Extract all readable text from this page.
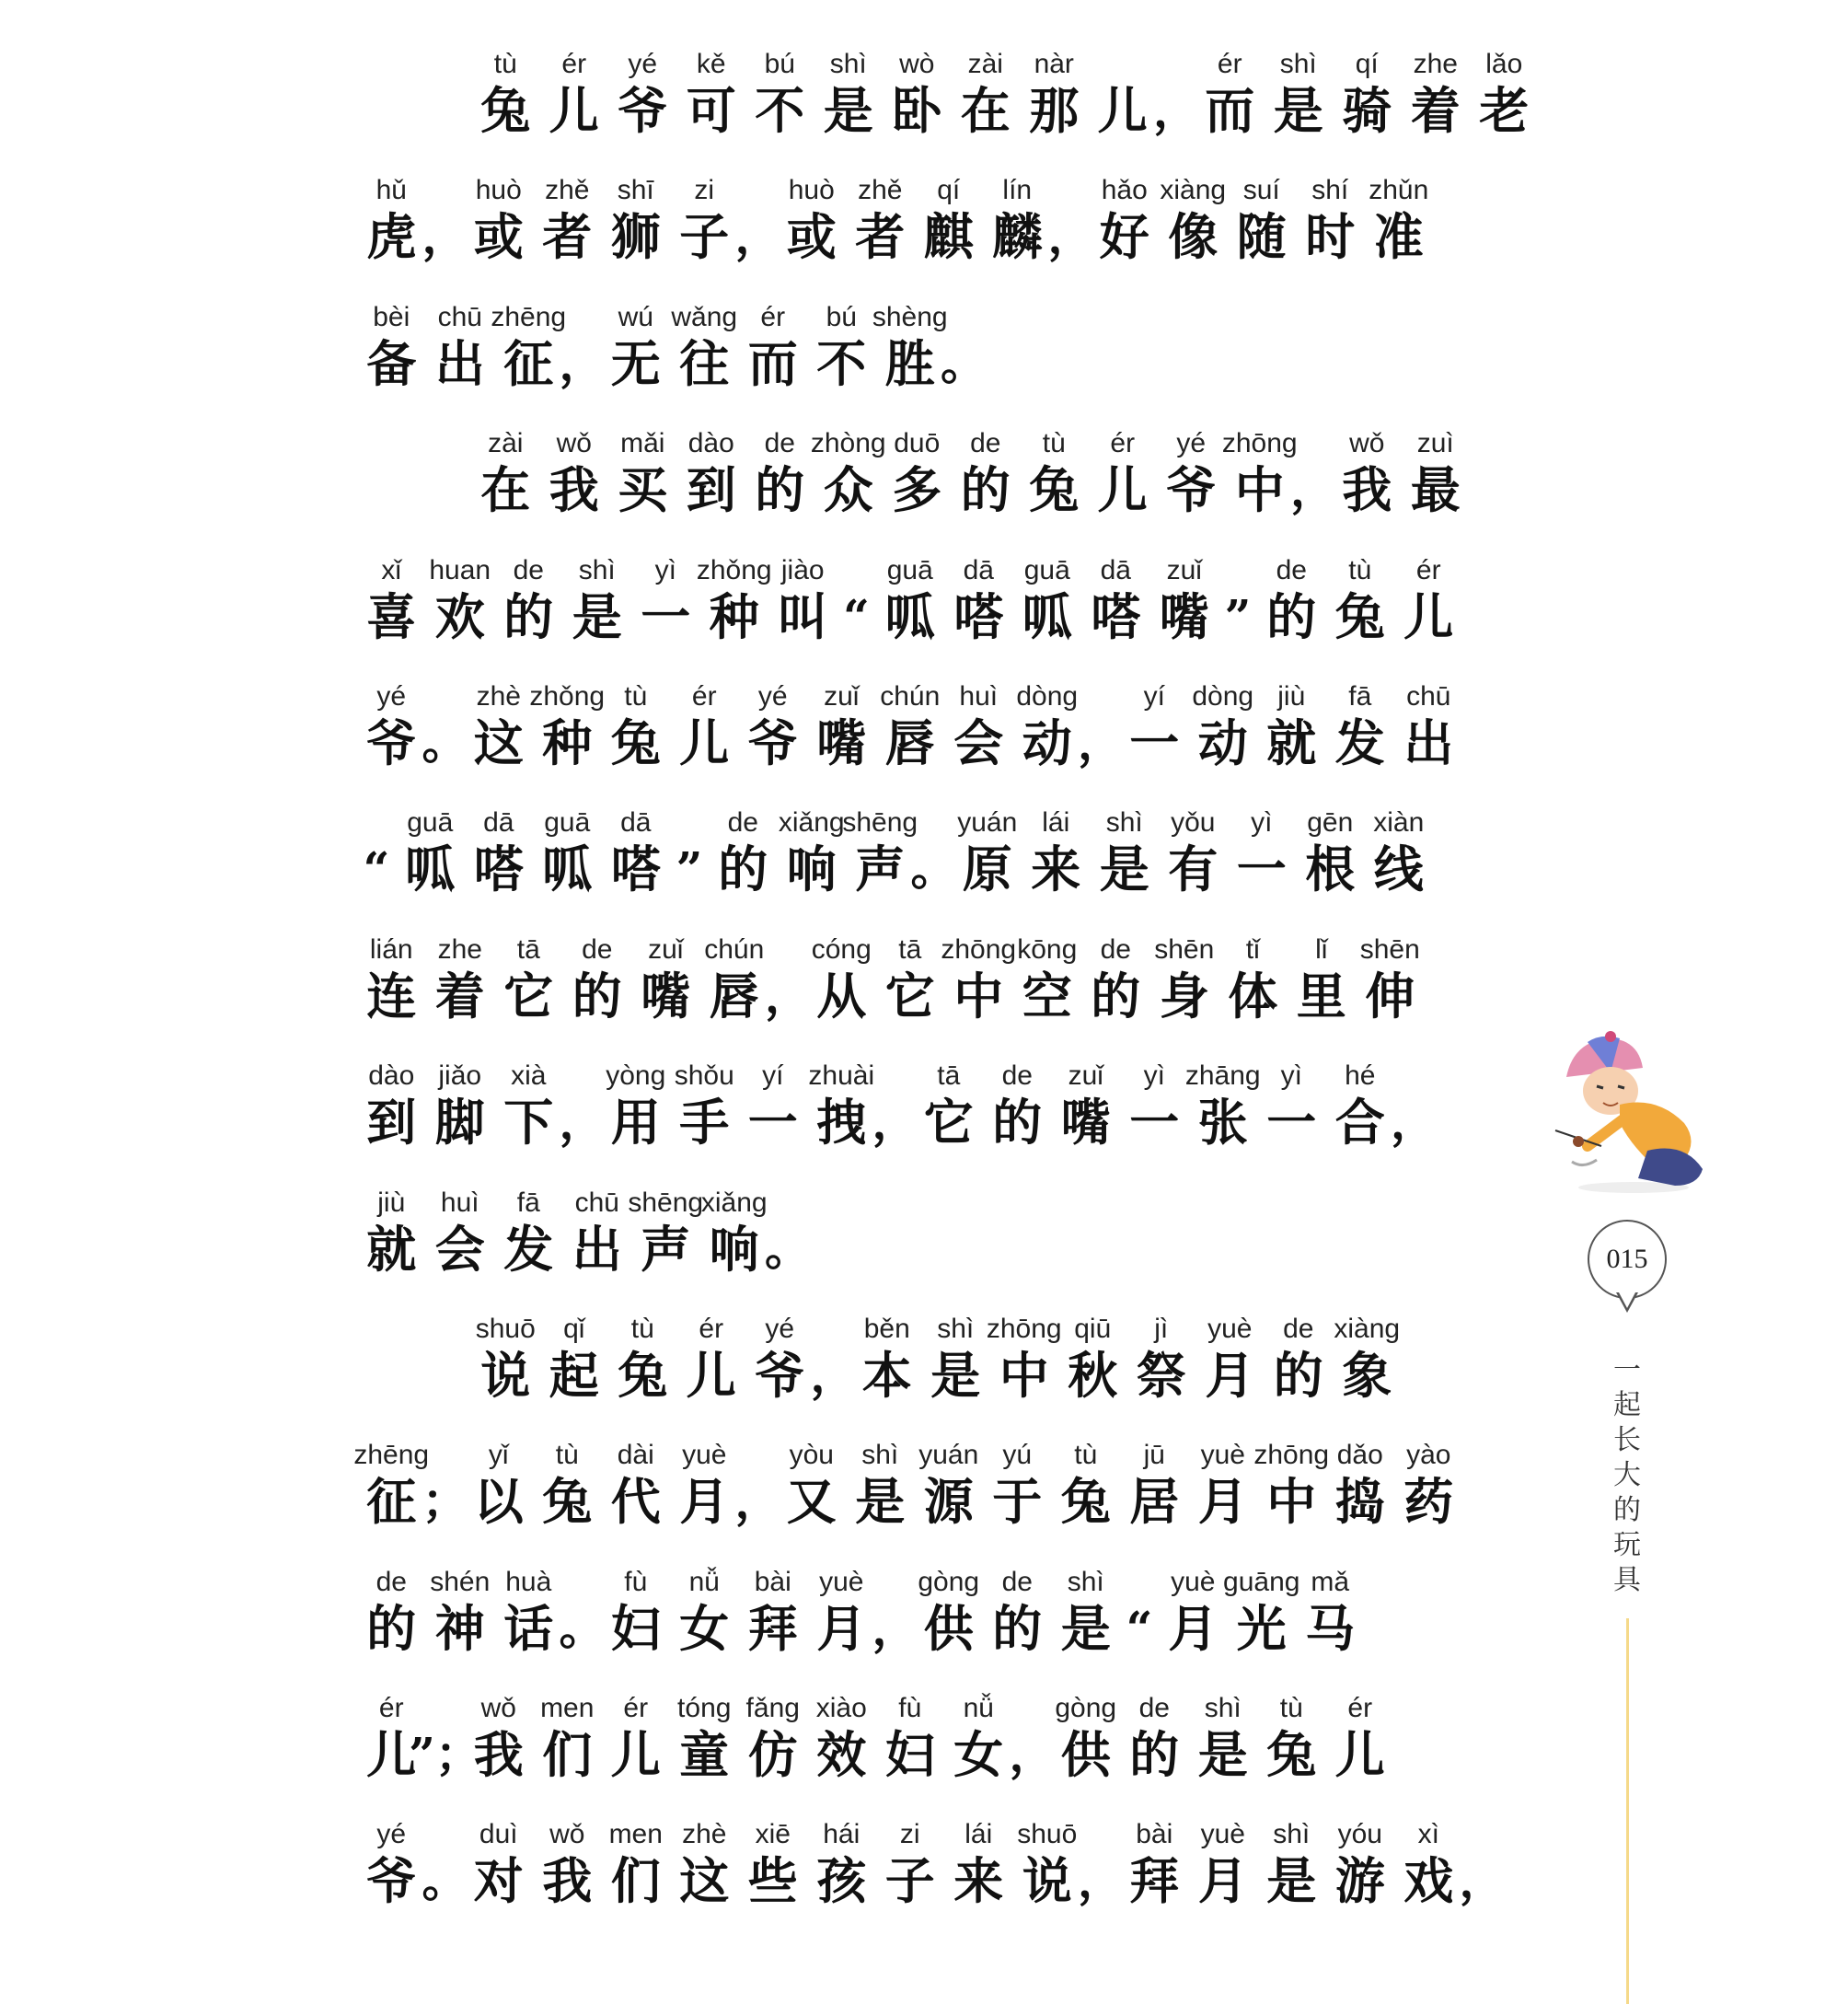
tù
兔
ér
儿
yé
爷
kě
可
bú
不
shì
是
wò
卧
zài
在
nàr
那 儿 ，
ér
而
shì
是
qí
骑
zhe
着
lǎo
老
hǔ
虎 ，
huò
或
zhě
者
shī
狮
zi
子 ，
huò
或
zhě
者
qí
麒
lín
麟 ，
hǎo
好
xiàng
像
suí
随
shí
时
zhǔn
准
bèi
备
chū
出
zhēng
征 ，
wú
无
wǎng
往
ér
而
bú
不
shèng
胜 。
zài
在
wǒ
我
mǎi
买
dào
到
de
的
zhòng
众
duō
多
de
的
tù
兔
ér
儿
yé
爷
zhōng
中 ，
wǒ
我
zuì
最
xǐ
喜
huan
欢
de
的
shì
是
yì
一
zhǒng
种
jiào
叫 “
guā
呱
dā
嗒
guā
呱
dā
嗒
zuǐ
嘴 ”
de
的
tù
兔
ér
儿
yé
爷 。
zhè
这
zhǒng
种
tù
兔
ér
儿
yé
爷
zuǐ
嘴
chún
唇
huì
会
dòng
动 ，
yí
一
dòng
动
jiù
就
fā
发
chū
出
“
guā
呱
dā
嗒
guā
呱
dā
嗒 ”
de
的
xiǎng
响
shēng
声 。
yuán
原
lái
来
shì
是
yǒu
有
yì
一
gēn
根
xiàn
线
lián
连
zhe
着
tā
它
de
的
zuǐ
嘴
chún
唇 ，
cóng
从
tā
它
zhōng
中
kōng
空
de
的
shēn
身
tǐ
体
lǐ
里
shēn
伸
dào
到
jiǎo
脚
xià
下 ，
yòng
用
shǒu
手
yí
一
zhuài
拽 ，
tā
它
de
的
zuǐ
嘴
yì
一
zhāng
张
yì
一
hé
合 ，
jiù
就
huì
会
fā
发
chū
出
shēng
声
xiǎng
响 。
shuō
说
qǐ
起
tù
兔
ér
儿
yé
爷 ，
běn
本
shì
是
zhōng
中
qiū
秋
jì
祭
yuè
月
de
的
xiàng
象
zhēng
征 ；
yǐ
以
tù
兔
dài
代
yuè
月 ，
yòu
又
shì
是
yuán
源
yú
于
tù
兔
jū
居
yuè
月
zhōng
中
dǎo
捣
yào
药
de
的
shén
神
huà
话 。
fù
妇
nǚ
女
bài
拜
yuè
月 ，
gòng
供
de
的
shì
是 “
yuè
月
guāng
光
mǎ
马
ér
儿
”；
wǒ
我
men
们
ér
儿
tóng
童
fǎng
仿
xiào
效
fù
妇
nǚ
女 ，
gòng
供
de
的
shì
是
tù
兔
ér
儿
yé
爷 。
duì
对
wǒ
我
men
们
zhè
这
xiē
些
hái
孩
zi
子
lái
来
shuō
说 ，
bài
拜
yuè
月
shì
是
yóu
游
xì
戏 ，
015
一起长大的玩具
